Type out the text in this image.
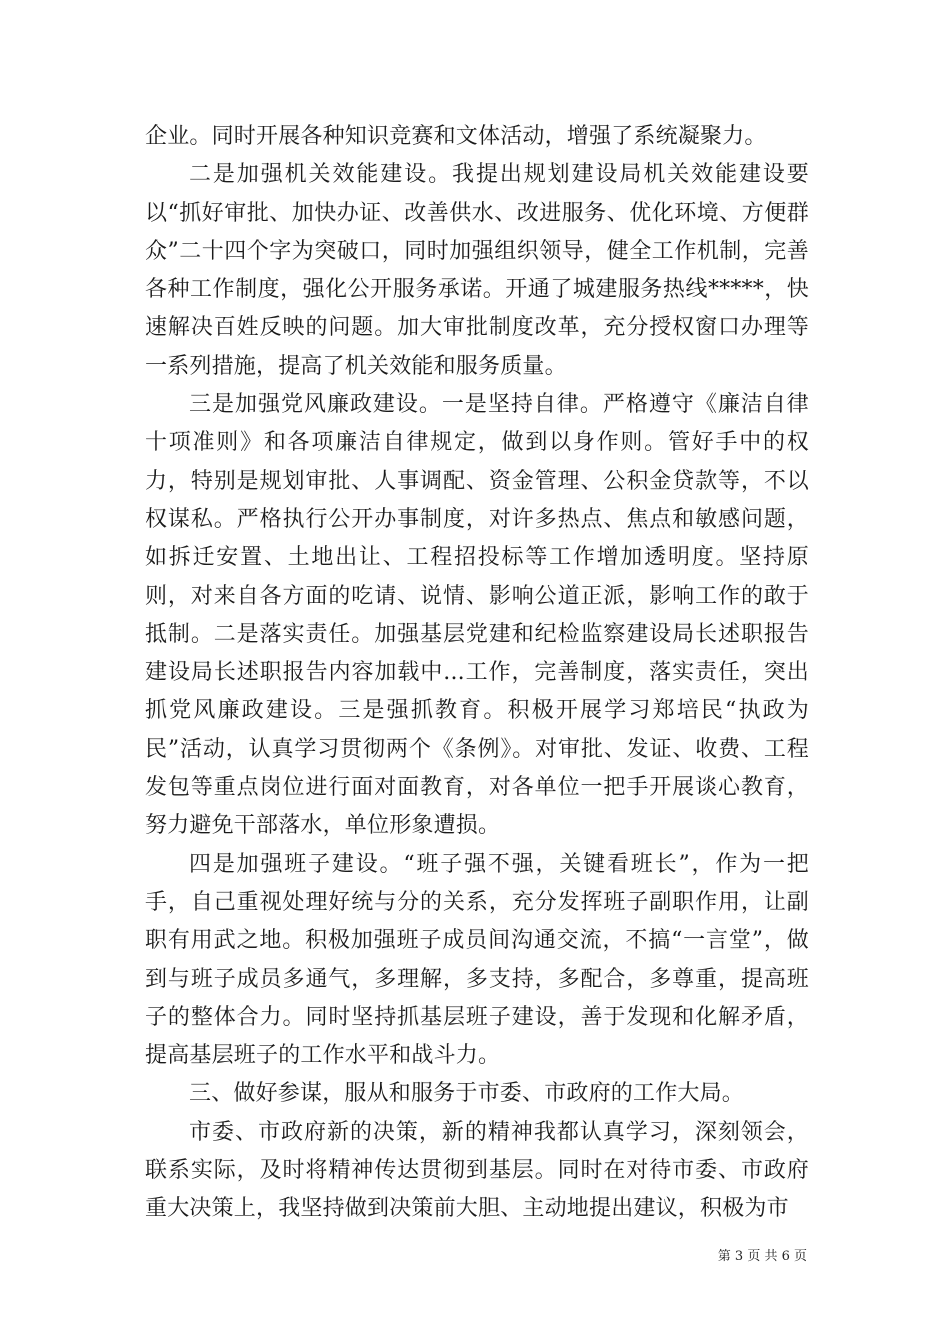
企业。同时开展各种知识竞赛和文体活动，增强了系统凝聚力。

二是加强机关效能建设。我提出规划建设局机关效能建设要以“抓好审批、加快办证、改善供水、改进服务、优化环境、方便群众”二十四个字为突破口，同时加强组织领导，健全工作机制，完善各种工作制度，强化公开服务承诺。开通了城建服务热线*****，快速解决百姓反映的问题。加大审批制度改革，充分授权窗口办理等一系列措施，提高了机关效能和服务质量。

三是加强党风廉政建设。一是坚持自律。严格遵守《廉洁自律十项准则》和各项廉洁自律规定，做到以身作则。管好手中的权力，特别是规划审批、人事调配、资金管理、公积金贷款等，不以权谋私。严格执行公开办事制度，对许多热点、焦点和敏感问题，如拆迁安置、土地出让、工程招投标等工作增加透明度。坚持原则，对来自各方面的吃请、说情、影响公道正派，影响工作的敢于抵制。二是落实责任。加强基层党建和纪检监察建设局长述职报告建设局长述职报告内容加载中...工作，完善制度，落实责任，突出抓党风廉政建设。三是强抓教育。积极开展学习郑培民“执政为民”活动，认真学习贯彻两个《条例》。对审批、发证、收费、工程发包等重点岗位进行面对面教育，对各单位一把手开展谈心教育，努力避免干部落水，单位形象遭损。

四是加强班子建设。“班子强不强，关键看班长”，作为一把手，自己重视处理好统与分的关系，充分发挥班子副职作用，让副职有用武之地。积极加强班子成员间沟通交流，不搞“一言堂”，做到与班子成员多通气，多理解，多支持，多配合，多尊重，提高班子的整体合力。同时坚持抓基层班子建设，善于发现和化解矛盾，提高基层班子的工作水平和战斗力。

三、做好参谋，服从和服务于市委、市政府的工作大局。

市委、市政府新的决策，新的精神我都认真学习，深刻领会，联系实际，及时将精神传达贯彻到基层。同时在对待市委、市政府重大决策上，我坚持做到决策前大胆、主动地提出建议，积极为市

第 3 页 共 6 页
